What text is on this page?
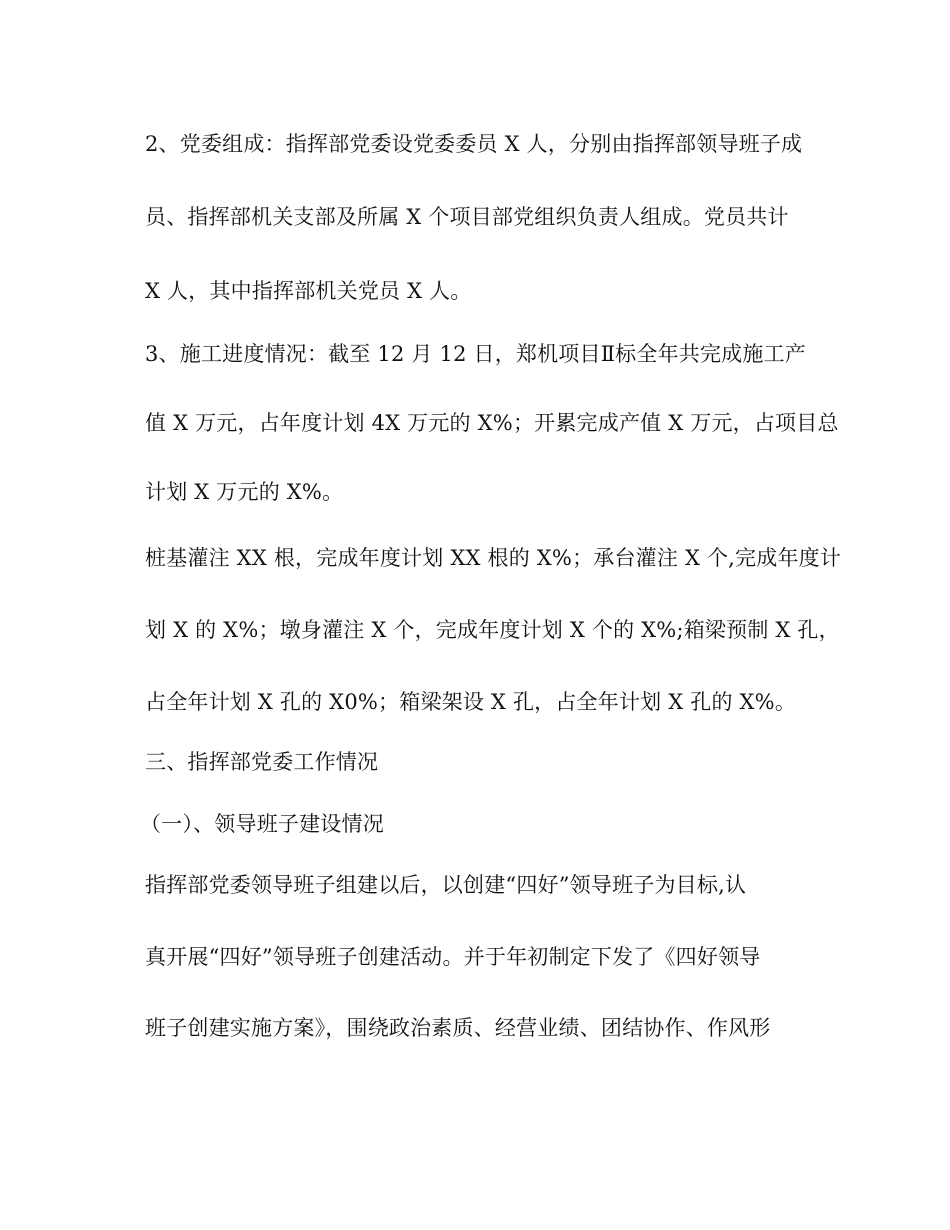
2、党委组成：指挥部党委设党委委员 X 人，分别由指挥部领导班子成
员、指挥部机关支部及所属 X 个项目部党组织负责人组成。党员共计
X 人，其中指挥部机关党员 X 人。
3、施工进度情况：截至 12 月 12 日，郑机项目Ⅱ标全年共完成施工产
值 X 万元，占年度计划 4X 万元的 X%；开累完成产值 X 万元，占项目总
计划 X 万元的 X%。
桩基灌注 XX 根，完成年度计划 XX 根的 X%；承台灌注 X 个,完成年度计
划 X 的 X%；墩身灌注 X 个，完成年度计划 X 个的 X%;箱梁预制 X 孔，
占全年计划 X 孔的 X0%；箱梁架设 X 孔，占全年计划 X 孔的 X%。
三、指挥部党委工作情况
（一）、领导班子建设情况
指挥部党委领导班子组建以后，以创建“四好”领导班子为目标,认
真开展“四好”领导班子创建活动。并于年初制定下发了《四好领导
班子创建实施方案》，围绕政治素质、经营业绩、团结协作、作风形
